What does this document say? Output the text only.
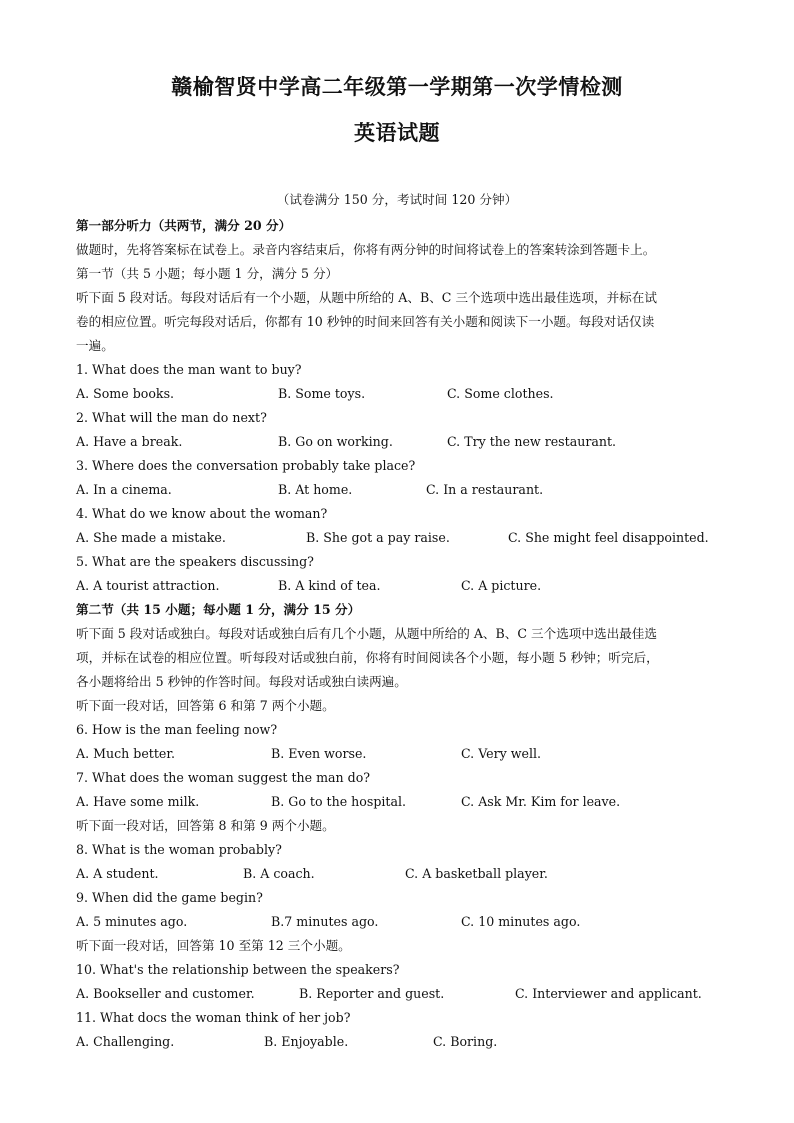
赣榆智贤中学高二年级第一学期第一次学情检测
英语试题
（试卷满分 150 分，考试时间 120 分钟）
第一部分听力（共两节，满分 20 分）
做题时，先将答案标在试卷上。录音内容结束后，你将有两分钟的时间将试卷上的答案转涂到答题卡上。
第一节（共 5 小题；每小题 1 分，满分 5 分）
听下面 5 段对话。每段对话后有一个小题，从题中所给的 A、B、C 三个选项中选出最佳选项，并标在试
卷的相应位置。听完每段对话后，你都有 10 秒钟的时间来回答有关小题和阅读下一小题。每段对话仅读
一遍。
1. What does the man want to buy?
A. Some books.	B. Some toys.	C. Some clothes.
2. What will the man do next?
A. Have a break.	B. Go on working.	C. Try the new restaurant.
3. Where does the conversation probably take place?
A. In a cinema.	B. At home.	C. In a restaurant.
4. What do we know about the woman?
A. She made a mistake.	B. She got a pay raise.	C. She might feel disappointed.
5. What are the speakers discussing?
A. A tourist attraction.	B. A kind of tea.	C. A picture.
第二节（共 15 小题；每小题 1 分，满分 15 分）
听下面 5 段对话或独白。每段对话或独白后有几个小题，从题中所给的 A、B、C 三个选项中选出最佳选
项，并标在试卷的相应位置。听每段对话或独白前，你将有时间阅读各个小题，每小题 5 秒钟；听完后，
各小题将给出 5 秒钟的作答时间。每段对话或独白读两遍。
听下面一段对话，回答第 6 和第 7 两个小题。
6. How is the man feeling now?
A. Much better.	B. Even worse.	C. Very well.
7. What does the woman suggest the man do?
A. Have some milk.	B. Go to the hospital.	C. Ask Mr. Kim for leave.
听下面一段对话，回答第 8 和第 9 两个小题。
8. What is the woman probably?
A. A student.	B. A coach.	C. A basketball player.
9. When did the game begin?
A. 5 minutes ago.	B.7 minutes ago.	C. 10 minutes ago.
听下面一段对话，回答第 10 至第 12 三个小题。
10. What's the relationship between the speakers?
A. Bookseller and customer.	B. Reporter and guest.	C. Interviewer and applicant.
11. What docs the woman think of her job?
A. Challenging.	B. Enjoyable.	C. Boring.
